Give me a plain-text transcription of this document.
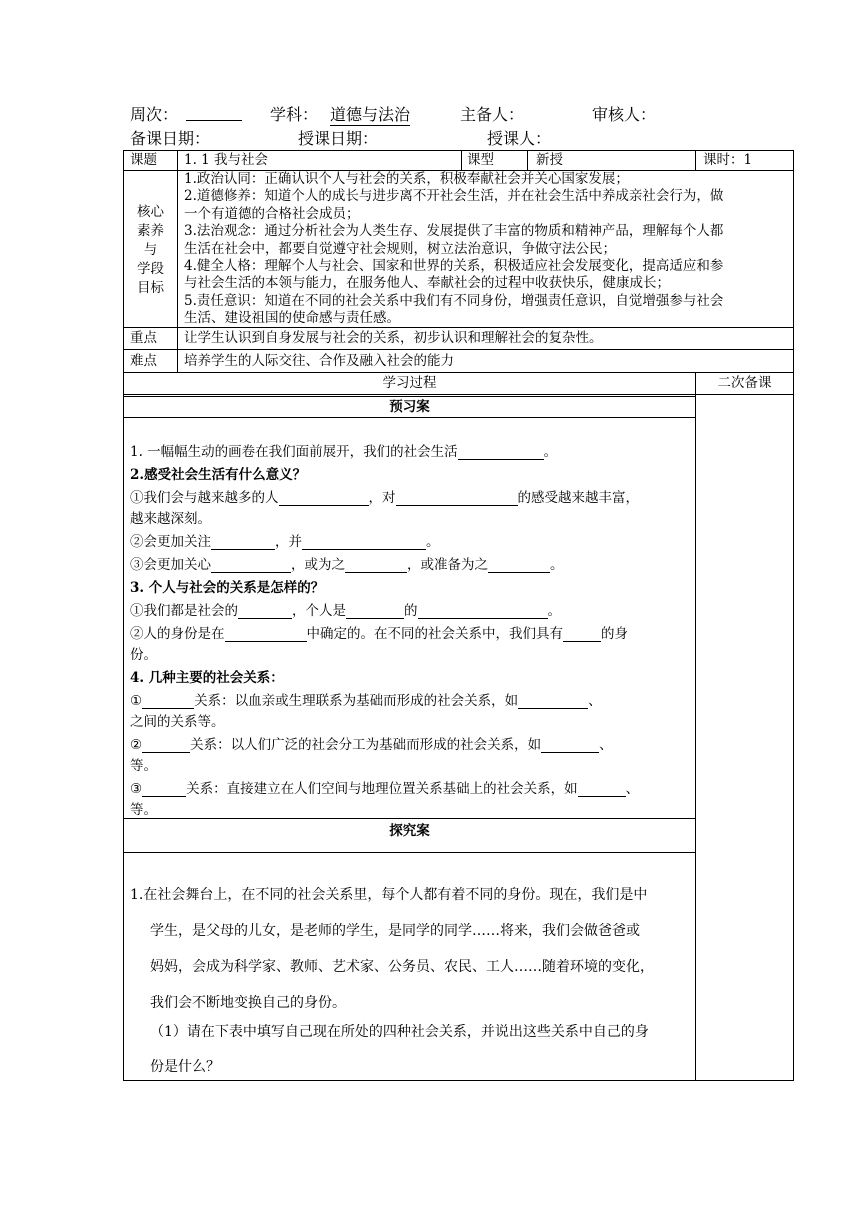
周次：	学科： 道德与法治	主备人：	审核人：
备课日期：	授课日期：	授课人：
课题 1. 1 我与社会	课型	新授	课时：1
核心
素养
与
学段
目标
1.政治认同：正确认识个人与社会的关系，积极奉献社会并关心国家发展；
2.道德修养：知道个人的成长与进步离不开社会生活，并在社会生活中养成亲社会行为，做
一个有道德的合格社会成员；
3.法治观念：通过分析社会为人类生存、发展提供了丰富的物质和精神产品，理解每个人都
生活在社会中，都要自觉遵守社会规则，树立法治意识，争做守法公民；
4.健全人格：理解个人与社会、国家和世界的关系，积极适应社会发展变化，提高适应和参
与社会生活的本领与能力，在服务他人、奉献社会的过程中收获快乐，健康成长；
5.责任意识：知道在不同的社会关系中我们有不同身份，增强责任意识，自觉增强参与社会
生活、建设祖国的使命感与责任感。
重点 让学生认识到自身发展与社会的关系，初步认识和理解社会的复杂性。
难点 培养学生的人际交往、合作及融入社会的能力
学习过程	二次备课
预习案
探究案
1. 一幅幅生动的画卷在我们面前展开，我们的社会生活	。
2.感受社会生活有什么意义？
①我们会与越来越多的人	，对	的感受越来越丰富，
越来越深刻。
②会更加关注	，并	。
③会更加关心	，或为之	，或准备为之	。
3. 个人与社会的关系是怎样的？
①我们都是社会的	，个人是	的	。
②人的身份是在	中确定的。在不同的社会关系中，我们具有	的身
份。
4. 几种主要的社会关系：
①	关系：以血亲或生理联系为基础而形成的社会关系，如	、
之间的关系等。
②	关系：以人们广泛的社会分工为基础而形成的社会关系，如	、
等。
③	关系：直接建立在人们空间与地理位置关系基础上的社会关系，如	、
等。
1.在社会舞台上，在不同的社会关系里，每个人都有着不同的身份。现在，我们是中
学生，是父母的儿女，是老师的学生，是同学的同学……将来，我们会做爸爸或
妈妈，会成为科学家、教师、艺术家、公务员、农民、工人……随着环境的变化，
我们会不断地变换自己的身份。
（1）请在下表中填写自己现在所处的四种社会关系，并说出这些关系中自己的身
份是什么？
